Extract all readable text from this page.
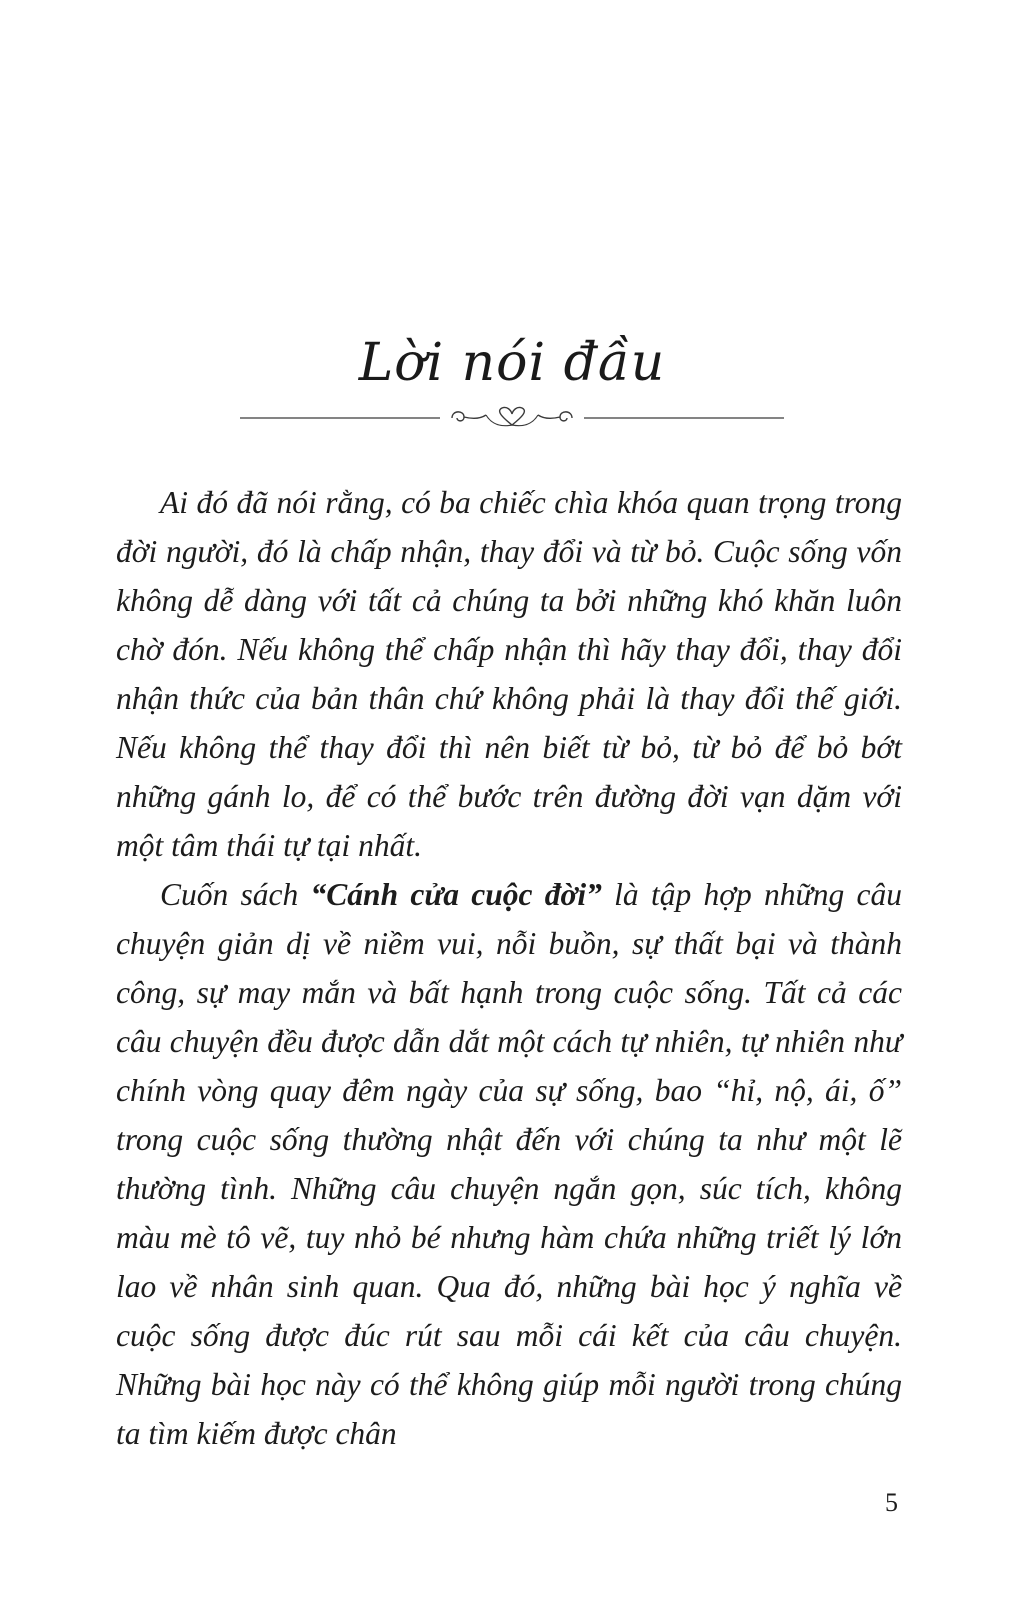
Lời nói đầu

Ai đó đã nói rằng, có ba chiếc chìa khóa quan trọng trong đời người, đó là chấp nhận, thay đổi và từ bỏ. Cuộc sống vốn không dễ dàng với tất cả chúng ta bởi những khó khăn luôn chờ đón. Nếu không thể chấp nhận thì hãy thay đổi, thay đổi nhận thức của bản thân chứ không phải là thay đổi thế giới. Nếu không thể thay đổi thì nên biết từ bỏ, từ bỏ để bỏ bớt những gánh lo, để có thể bước trên đường đời vạn dặm với một tâm thái tự tại nhất.

Cuốn sách “Cánh cửa cuộc đời” là tập hợp những câu chuyện giản dị về niềm vui, nỗi buồn, sự thất bại và thành công, sự may mắn và bất hạnh trong cuộc sống. Tất cả các câu chuyện đều được dẫn dắt một cách tự nhiên, tự nhiên như chính vòng quay đêm ngày của sự sống, bao “hỉ, nộ, ái, ố” trong cuộc sống thường nhật đến với chúng ta như một lẽ thường tình. Những câu chuyện ngắn gọn, súc tích, không màu mè tô vẽ, tuy nhỏ bé nhưng hàm chứa những triết lý lớn lao về nhân sinh quan. Qua đó, những bài học ý nghĩa về cuộc sống được đúc rút sau mỗi cái kết của câu chuyện. Những bài học này có thể không giúp mỗi người trong chúng ta tìm kiếm được chân

5
